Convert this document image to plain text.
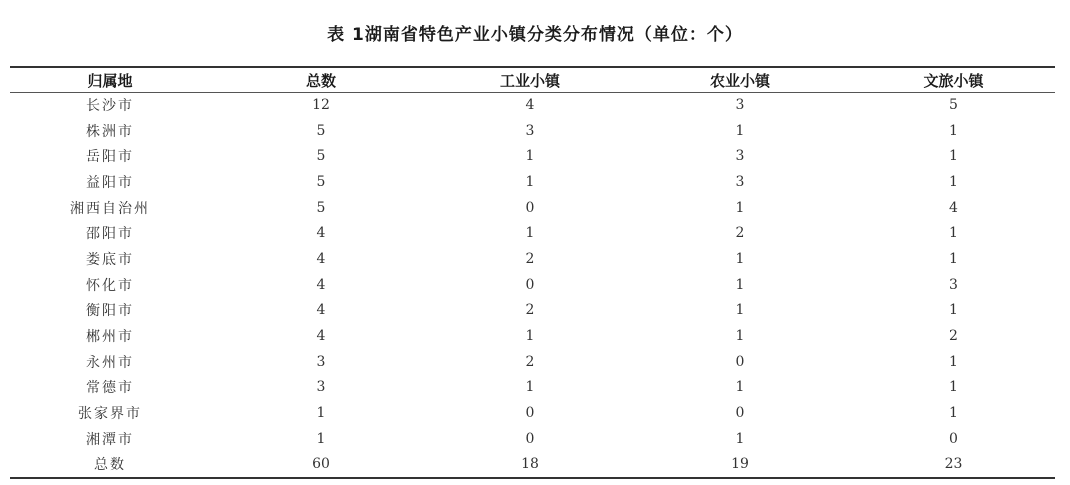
表 1湖南省特色产业小镇分类分布情况（单位：个）
归属地	总数	工业小镇	农业小镇	文旅小镇
长沙市	12	4	3	5
株洲市	5	3	1	1
岳阳市	5	1	3	1
益阳市	5	1	3	1
湘西自治州	5	0	1	4
邵阳市	4	1	2	1
娄底市	4	2	1	1
怀化市	4	0	1	3
衡阳市	4	2	1	1
郴州市	4	1	1	2
永州市	3	2	0	1
常德市	3	1	1	1
张家界市	1	0	0	1
湘潭市	1	0	1	0
总数	60	18	19	23
